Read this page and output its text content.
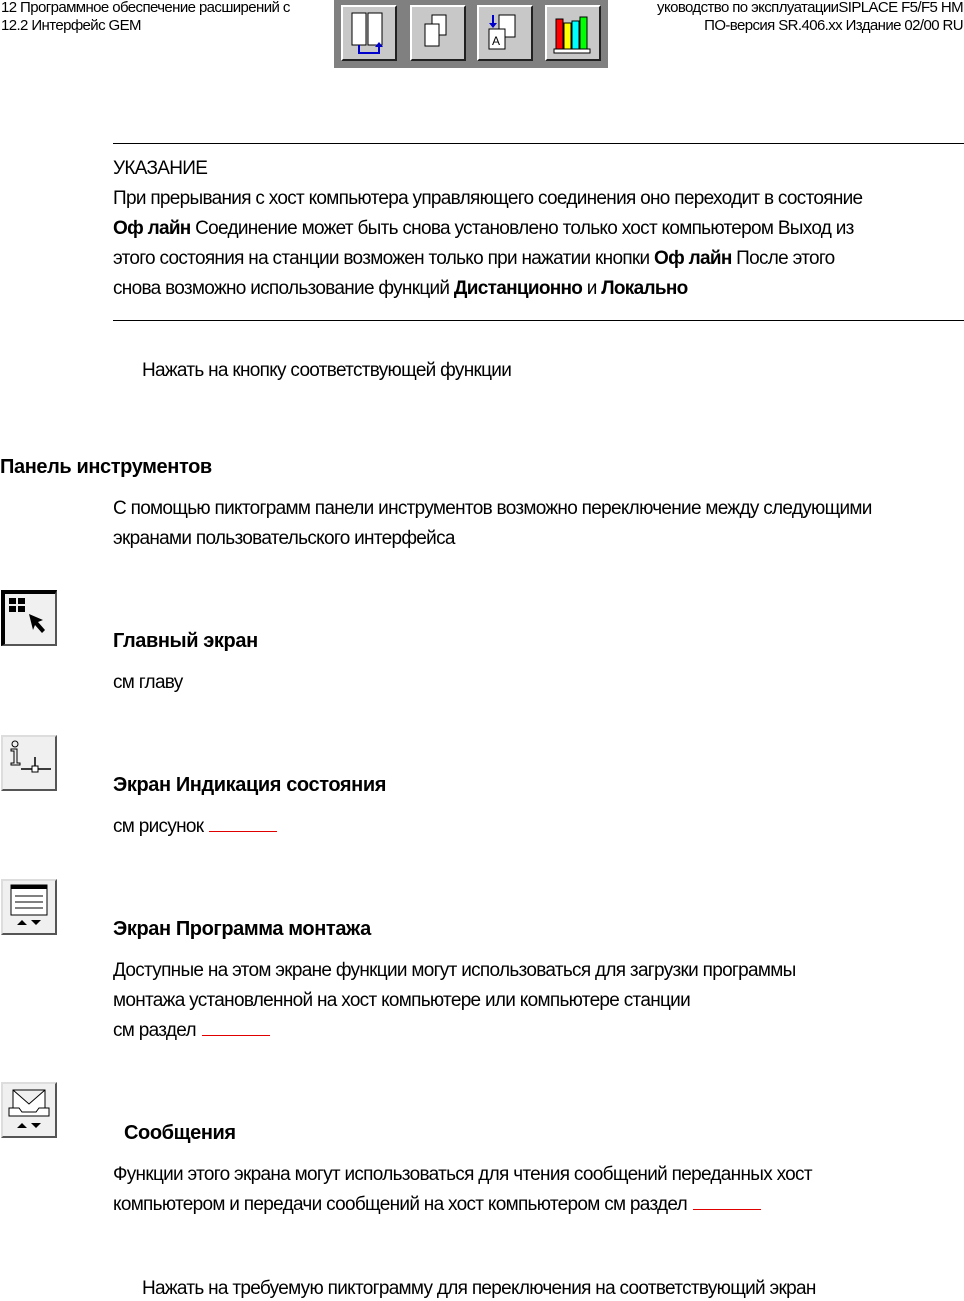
12 Программное обеспечение расширений с
12.2 Интерфейс GEM
уководство по эксплуатацииSIPLACE F5/F5 HM
ПО-версия SR.406.xx Издание 02/00 RU
A
УКАЗАНИЕ
При прерывания с хост компьютера управляющего соединения оно переходит в состояние
Оф лайн Соединение может быть снова установлено только хост компьютером Выход из
этого состояния на станции возможен только при нажатии кнопки Оф лайн После этого
снова возможно использование функций Дистанционно и Локально
Нажать на кнопку соответствующей функции
Панель инструментов
С помощью пиктограмм панели инструментов возможно переключение между следующими
экранами пользовательского интерфейса
Главный экран
см главу
Экран Индикация состояния
см рисунок
Экран Программа монтажа
Доступные на этом экране функции могут использоваться для загрузки программы
монтажа установленной на хост компьютере или компьютере станции
см раздел
Сообщения
Функции этого экрана могут использоваться для чтения сообщений переданных хост
компьютером и передачи сообщений на хост компьютером см раздел
Нажать на требуемую пиктограмму для переключения на соответствующий экран
